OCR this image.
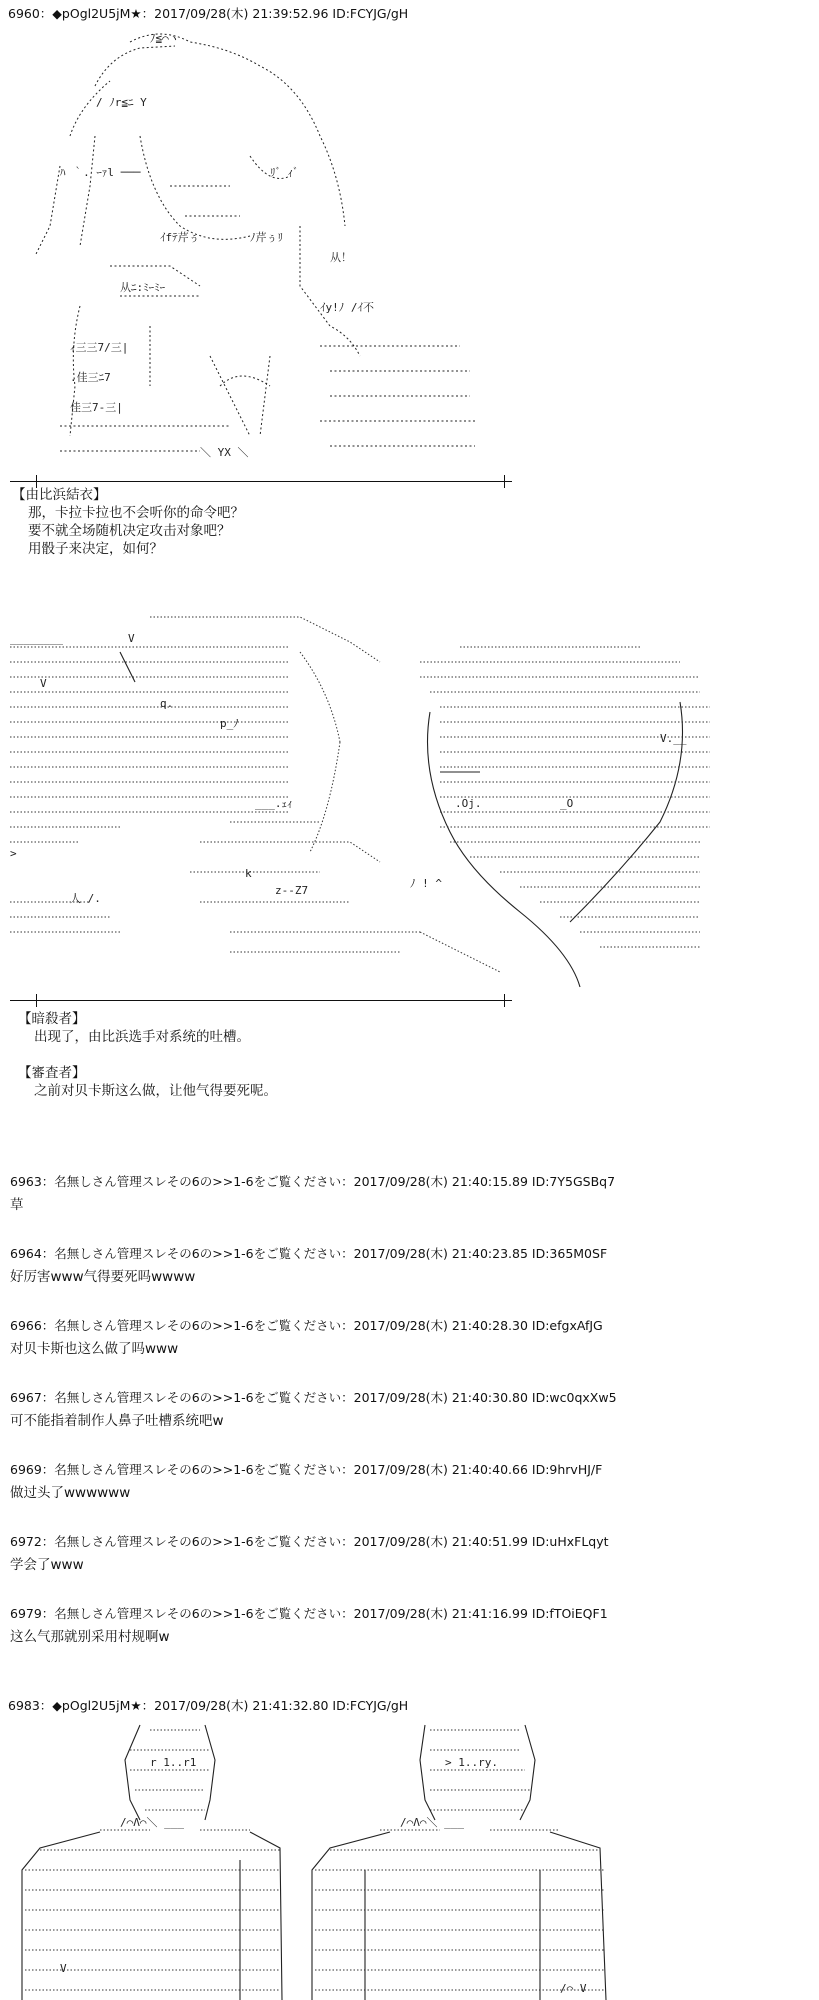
6960：◆pOgl2U5jM★：2017/09/28(木) 21:39:52.96 ID:FCYJG/gH
ﾉ≦⌒ヽ
/ ﾉr≦ﾆ Y
ﾊ ｀. ｰｧl ───	ﾘﾞ ｨﾞ
ｲfﾃ芹ぅ	ﾉ芹ぅﾘ
从！
从ﾆ:ﾐｰﾐｰ
ｲy!ﾉ /ｲ不
ｨ三三7/三|
.佳三ﾆ7
佳三7-三|
＼ YX ＼
【由比浜結衣】
那，卡拉卡拉也不会听你的命令吧？
要不就全场随机决定攻击对象吧？
用骰子来决定，如何？
________	V
V
p_ﾉ
q.
___.ｪｨ	.Oj.	_O
V.__
>
人 /.
z--Z7
k
ﾉ ! ^
【暗殺者】
出现了，由比浜选手对系统的吐槽。
【審査者】
之前对贝卡斯这么做，让他气得要死呢。
6963：名無しさん管理スレその6の>>1-6をご覧ください：2017/09/28(木) 21:40:15.89 ID:7Y5GSBq7
草
6964：名無しさん管理スレその6の>>1-6をご覧ください：2017/09/28(木) 21:40:23.85 ID:365M0SF
好厉害www气得要死吗wwww
6966：名無しさん管理スレその6の>>1-6をご覧ください：2017/09/28(木) 21:40:28.30 ID:efgxAfJG
对贝卡斯也这么做了吗www
6967：名無しさん管理スレその6の>>1-6をご覧ください：2017/09/28(木) 21:40:30.80 ID:wc0qxXw5
可不能指着制作人鼻子吐槽系统吧w
6969：名無しさん管理スレその6の>>1-6をご覧ください：2017/09/28(木) 21:40:40.66 ID:9hrvHJ/F
做过头了wwwwww
6972：名無しさん管理スレその6の>>1-6をご覧ください：2017/09/28(木) 21:40:51.99 ID:uHxFLqyt
学会了www
6979：名無しさん管理スレその6の>>1-6をご覧ください：2017/09/28(木) 21:41:16.99 ID:fTOiEQF1
这么气那就别采用村规啊w
6983：◆pOgl2U5jM★：2017/09/28(木) 21:41:32.80 ID:FCYJG/gH
r 1..r1	> 1..ry.
/⌒Λ⌒＼ ___	/⌒Λ⌒＼ ___
V
/⌒ V
